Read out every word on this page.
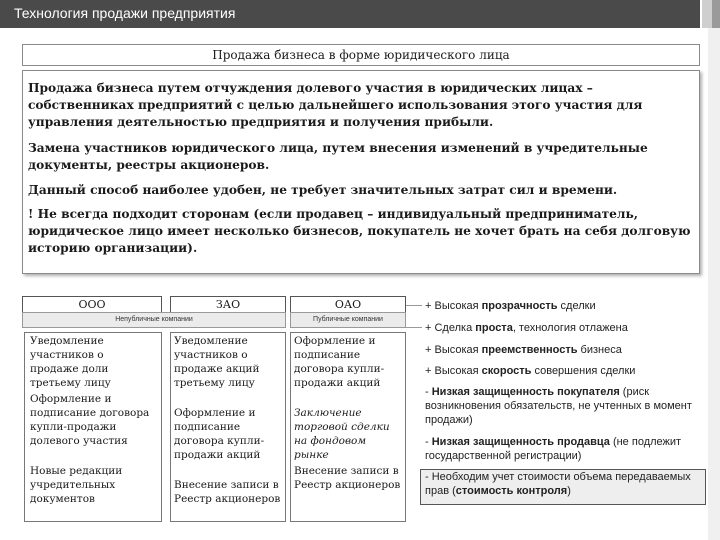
Технология продажи предприятия
Продажа бизнеса в форме юридического лица

Продажа бизнеса путем отчуждения долевого участия в юридических лицах – собственниках предприятий с целью дальнейшего использования этого участия для управления деятельностью предприятия и получения прибыли.

Замена участников юридического лица, путем внесения изменений в учредительные документы, реестры акционеров.

Данный способ наиболее удобен, не требует значительных затрат сил и времени.

! Не всегда подходит сторонам (если продавец – индивидуальный предприниматель, юридическое лицо имеет несколько бизнесов, покупатель не хочет брать на себя долговую историю организации).

ООО	ЗАО	ОАО
Непубличные компании	Публичные компании

Уведомление участников о продаже доли третьему лицу

Оформление и подписание договора купли-продажи долевого участия

Новые редакции учредительных документов

Уведомление участников о продаже акций третьему лицу

Оформление и подписание договора купли-продажи акций

Внесение записи в Реестр акционеров

Оформление и подписание договора купли-продажи акций

Заключение торговой сделки на фондовом рынке

Внесение записи в Реестр акционеров

+ Высокая прозрачность сделки

+ Сделка проста, технология отлажена

+ Высокая преемственность бизнеса

+ Высокая скорость совершения сделки

- Низкая защищенность покупателя (риск возникновения обязательств, не учтенных в момент продажи)

- Низкая защищенность продавца (не подлежит государственной регистрации)

- Необходим учет стоимости объема передаваемых прав (стоимость контроля)
